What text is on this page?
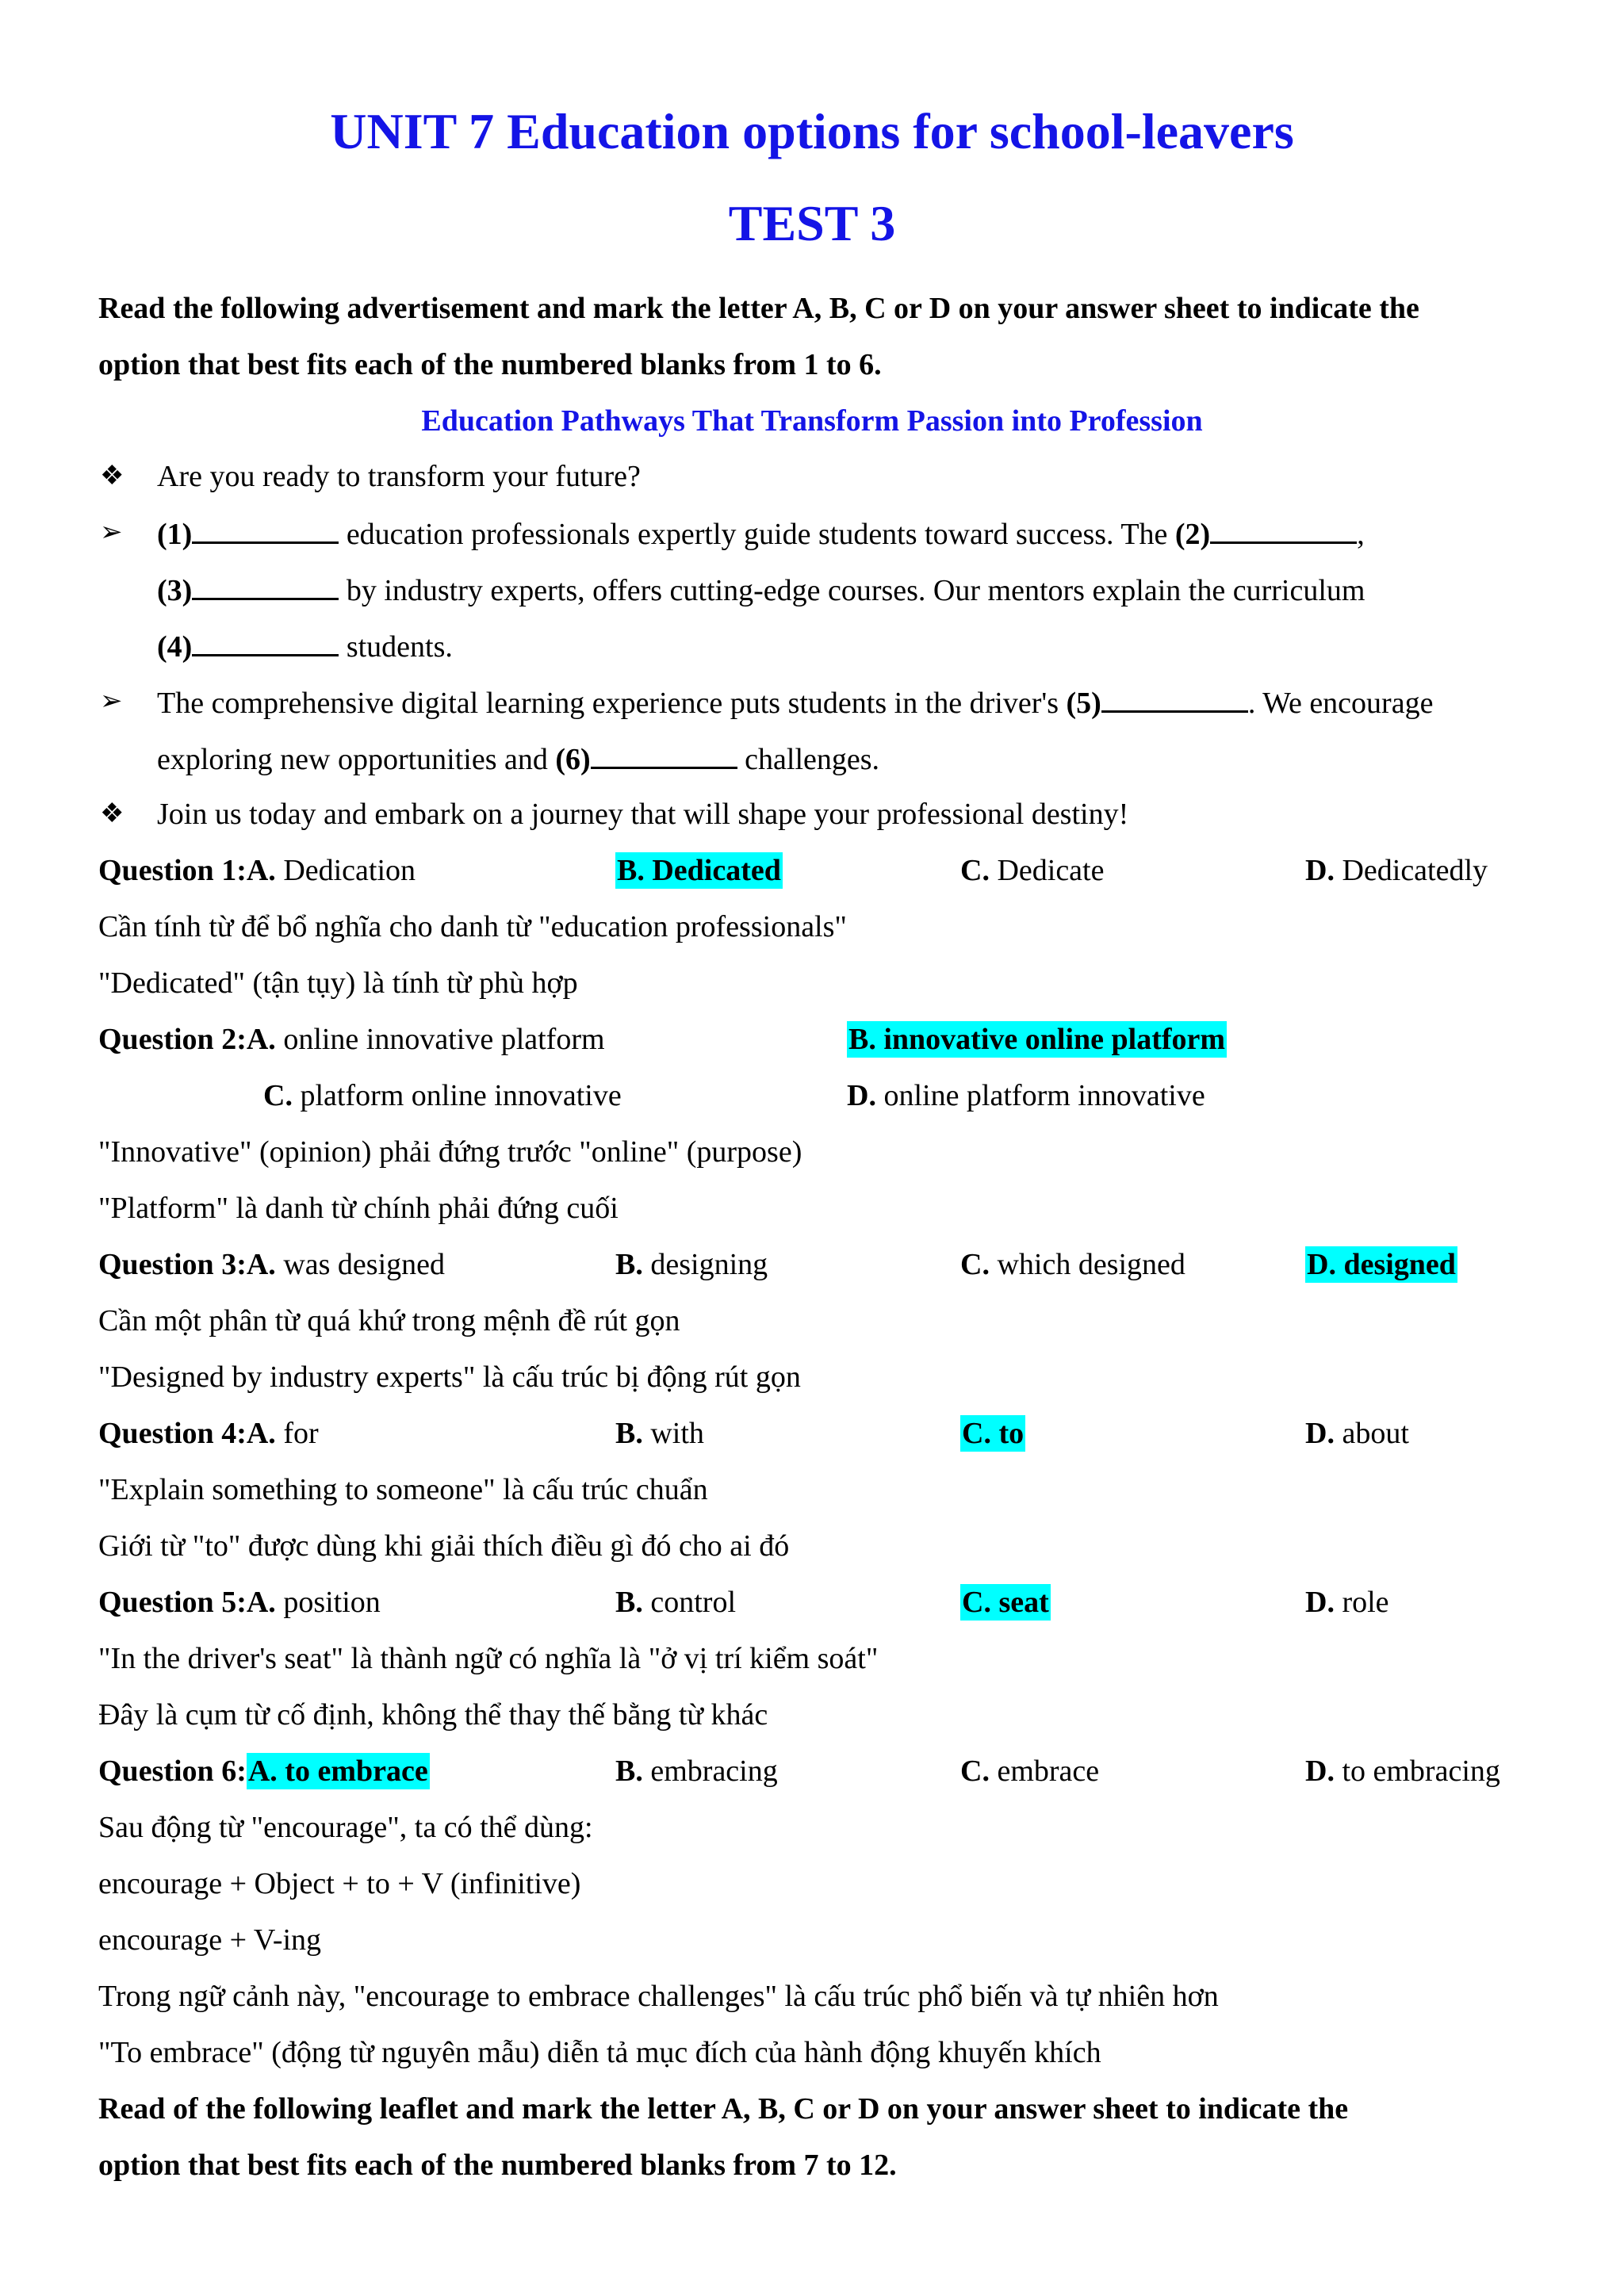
UNIT 7 Education options for school-leavers
TEST 3
Read the following advertisement and mark the letter A, B, C or D on your answer sheet to indicate the
option that best fits each of the numbered blanks from 1 to 6.
Education Pathways That Transform Passion into Profession
❖ Are you ready to transform your future?
➢ (1)	education professionals expertly guide students toward success. The (2)	,
(3)	by industry experts, offers cutting-edge courses. Our mentors explain the curriculum
(4)	students.
➢ The comprehensive digital learning experience puts students in the driver's (5)	. We encourage
exploring new opportunities and (6)	challenges.
❖ Join us today and embark on a journey that will shape your professional destiny!
Question 1:A. Dedication	B. Dedicated	C. Dedicate	D. Dedicatedly
Cần tính từ để bổ nghĩa cho danh từ "education professionals"
"Dedicated" (tận tụy) là tính từ phù hợp
Question 2:A. online innovative platform	B. innovative online platform
C. platform online innovative	D. online platform innovative
"Innovative" (opinion) phải đứng trước "online" (purpose)
"Platform" là danh từ chính phải đứng cuối
Question 3:A. was designed	B. designing	C. which designed	D. designed
Cần một phân từ quá khứ trong mệnh đề rút gọn
"Designed by industry experts" là cấu trúc bị động rút gọn
Question 4:A. for	B. with	C. to	D. about
"Explain something to someone" là cấu trúc chuẩn
Giới từ "to" được dùng khi giải thích điều gì đó cho ai đó
Question 5:A. position	B. control	C. seat	D. role
"In the driver's seat" là thành ngữ có nghĩa là "ở vị trí kiểm soát"
Đây là cụm từ cố định, không thể thay thế bằng từ khác
Question 6:A. to embrace	B. embracing	C. embrace	D. to embracing
Sau động từ "encourage", ta có thể dùng:
encourage + Object + to + V (infinitive)
encourage + V-ing
Trong ngữ cảnh này, "encourage to embrace challenges" là cấu trúc phổ biến và tự nhiên hơn
"To embrace" (động từ nguyên mẫu) diễn tả mục đích của hành động khuyến khích
Read of the following leaflet and mark the letter A, B, C or D on your answer sheet to indicate the
option that best fits each of the numbered blanks from 7 to 12.
